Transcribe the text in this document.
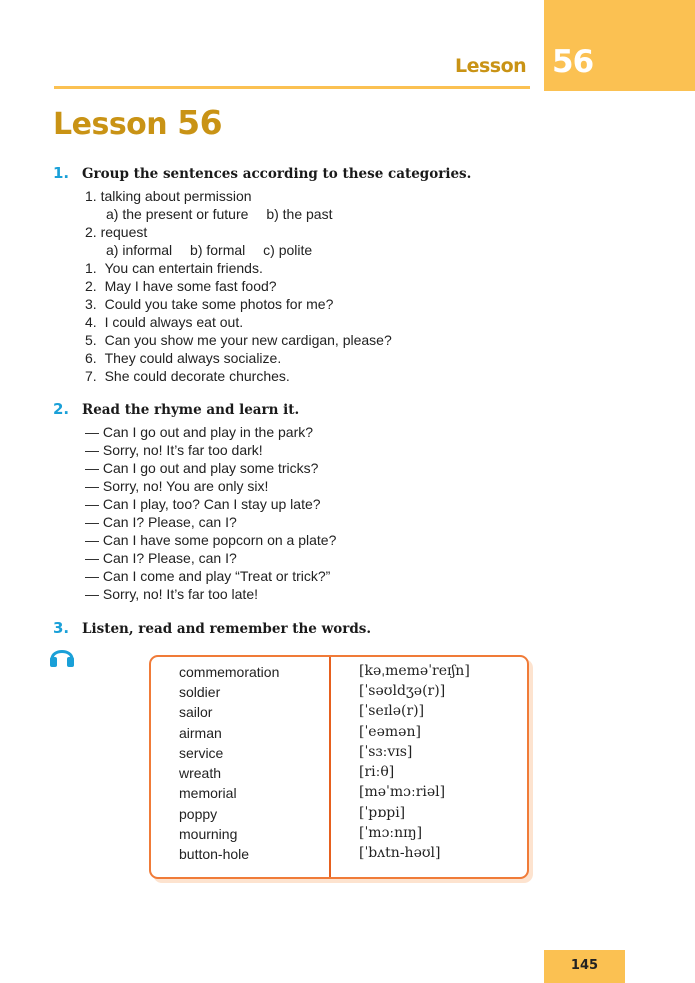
56
Lesson
Lesson 56
1. Group the sentences according to these categories.
1. talking about permission
a) the present or future b) the past
2. request
a) informal b) formal c) polite
1. You can entertain friends.
2. May I have some fast food?
3. Could you take some photos for me?
4. I could always eat out.
5. Can you show me your new cardigan, please?
6. They could always socialize.
7. She could decorate churches.
2. Read the rhyme and learn it.
— Can I go out and play in the park?
— Sorry, no! It’s far too dark!
— Can I go out and play some tricks?
— Sorry, no! You are only six!
— Can I play, too? Can I stay up late?
— Can I? Please, can I?
— Can I have some popcorn on a plate?
— Can I? Please, can I?
— Can I come and play “Treat or trick?”
— Sorry, no! It’s far too late!
3. Listen, read and remember the words.
commemoration	[kəˌmeməˈreɪʃn]
soldier	[ˈsəʊldʒə(r)]
sailor	[ˈseɪlə(r)]
airman	[ˈeəmən]
service	[ˈsɜːvɪs]
wreath	[riːθ]
memorial	[məˈmɔːriəl]
poppy	[ˈpɒpi]
mourning	[ˈmɔːnɪŋ]
button-hole	[ˈbʌtn-həʊl]
145
